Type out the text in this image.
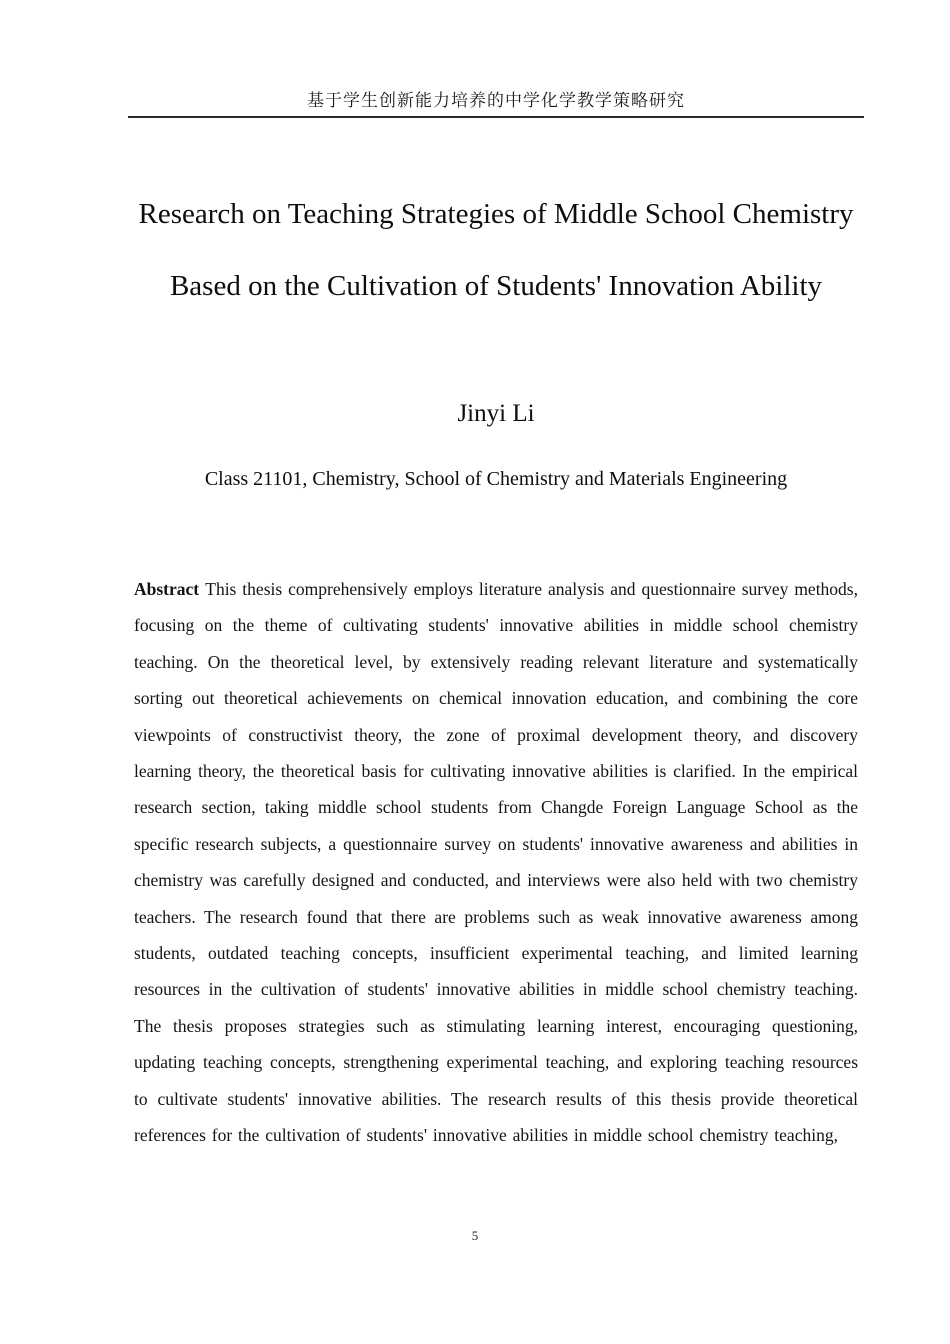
基于学生创新能力培养的中学化学教学策略研究
Research on Teaching Strategies of Middle School Chemistry
Based on the Cultivation of Students' Innovation Ability
Jinyi Li
Class 21101, Chemistry, School of Chemistry and Materials Engineering

Abstract This thesis comprehensively employs literature analysis and questionnaire survey methods, focusing on the theme of cultivating students' innovative abilities in middle school chemistry teaching. On the theoretical level, by extensively reading relevant literature and systematically sorting out theoretical achievements on chemical innovation education, and combining the core viewpoints of constructivist theory, the zone of proximal development theory, and discovery learning theory, the theoretical basis for cultivating innovative abilities is clarified. In the empirical research section, taking middle school students from Changde Foreign Language School as the specific research subjects, a questionnaire survey on students' innovative awareness and abilities in chemistry was carefully designed and conducted, and interviews were also held with two chemistry teachers. The research found that there are problems such as weak innovative awareness among students, outdated teaching concepts, insufficient experimental teaching, and limited learning resources in the cultivation of students' innovative abilities in middle school chemistry teaching. The thesis proposes strategies such as stimulating learning interest, encouraging questioning, updating teaching concepts, strengthening experimental teaching, and exploring teaching resources to cultivate students' innovative abilities. The research results of this thesis provide theoretical references for the cultivation of students' innovative abilities in middle school chemistry teaching,

5
